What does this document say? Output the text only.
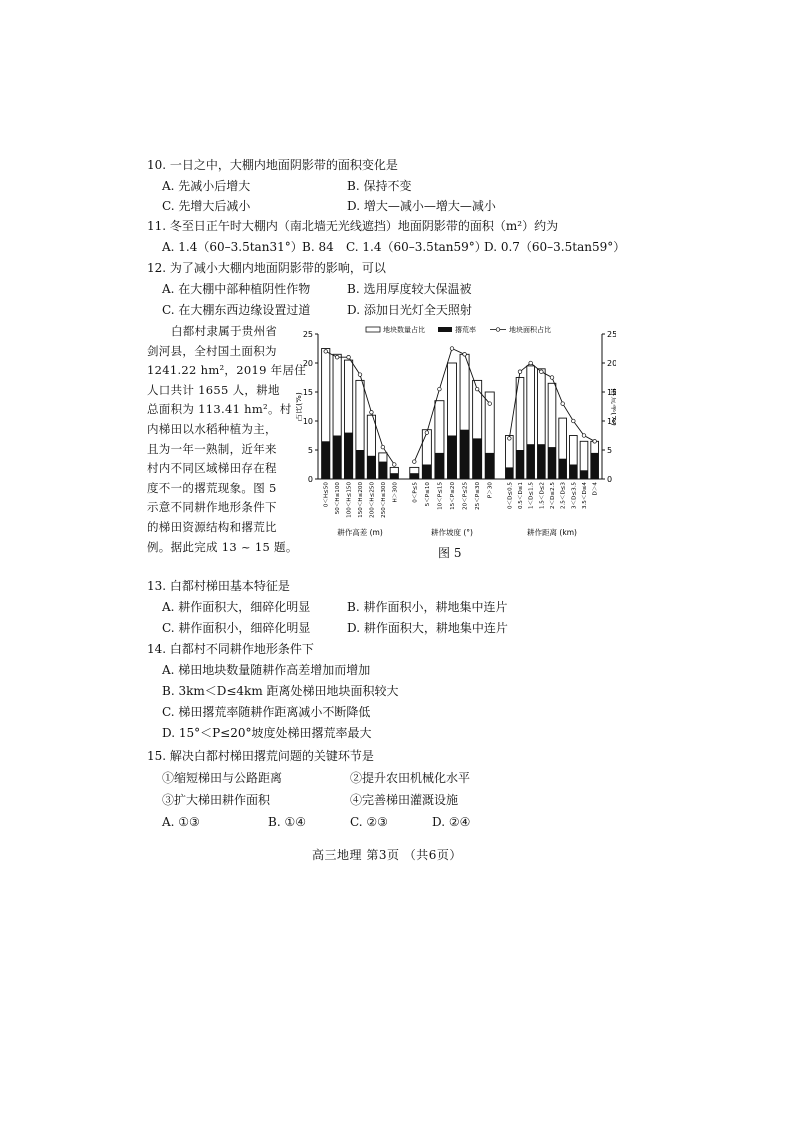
10. 一日之中，大棚内地面阴影带的面积变化是
A. 先减小后增大	B. 保持不变
C. 先增大后减小	D. 增大—减小—增大—减小
11. 冬至日正午时大棚内（南北墙无光线遮挡）地面阴影带的面积（m²）约为
A. 1.4（60–3.5tan31°） B. 84 C. 1.4（60–3.5tan59°）
D. 0.7（60–3.5tan59°）
12. 为了减小大棚内地面阴影带的影响，可以
A. 在大棚中部种植阴性作物	B. 选用厚度较大保温被
C. 在大棚东西边缘设置过道	D. 添加日光灯全天照射
白都村隶属于贵州省
剑河县，全村国土面积为
1241.22 hm²，2019 年居住
人口共计 1655 人，耕地
总面积为 113.41 hm²。村
内梯田以水稻种植为主，
且为一年一熟制，近年来
村内不同区域梯田存在程
度不一的撂荒现象。图 5
示意不同耕作地形条件下
的梯田资源结构和撂荒比
例。据此完成 13 ~ 15 题。
0	0
5	5
10	10
15	15
20	20
25	25
占比(%)	撂荒率(%)
地块数量占比	撂荒率	地块面积占比
0＜H≤50 50＜H≤100 100＜H≤150 150＜H≤200 200＜H≤250 250＜H≤300 H＞300
耕作高差 (m)
0＜P≤5 5＜P≤10 10＜P≤15 15＜P≤20 20＜P≤25 25＜P≤30 P＞30
耕作坡度 (°)
0＜D≤0.5 0.5＜D≤1 1＜D≤1.5 1.5＜D≤2 2＜D≤2.5 2.5＜D≤3 3＜D≤3.5 3.5＜D≤4 D＞4
耕作距离 (km)
图 5
13. 白都村梯田基本特征是
A. 耕作面积大，细碎化明显	B. 耕作面积小，耕地集中连片
C. 耕作面积小，细碎化明显	D. 耕作面积大，耕地集中连片
14. 白都村不同耕作地形条件下
A. 梯田地块数量随耕作高差增加而增加
B. 3km＜D≤4km 距离处梯田地块面积较大
C. 梯田撂荒率随耕作距离减小不断降低
D. 15°＜P≤20°坡度处梯田撂荒率最大
15. 解决白都村梯田撂荒问题的关键环节是
①缩短梯田与公路距离	②提升农田机械化水平
③扩大梯田耕作面积	④完善梯田灌溉设施
A. ①③	B. ①④	C. ②③	D. ②④
高三地理 第3页 （共6页）
